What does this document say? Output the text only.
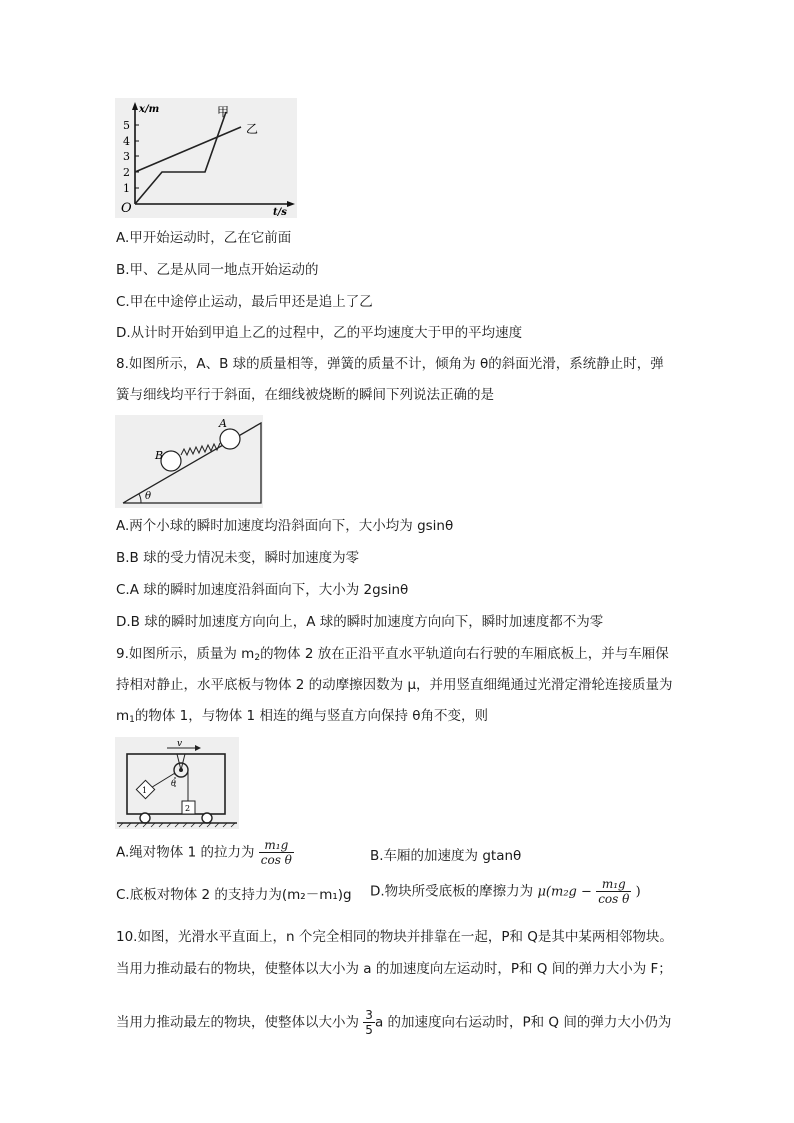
1
2
3
4
5
x/m
t/s
O
甲
乙
A.甲开始运动时，乙在它前面
B.甲、乙是从同一地点开始运动的
C.甲在中途停止运动，最后甲还是追上了乙
D.从计时开始到甲追上乙的过程中，乙的平均速度大于甲的平均速度
8.如图所示，A、B 球的质量相等，弹簧的质量不计，倾角为 θ的斜面光滑，系统静止时，弹
簧与细线均平行于斜面，在细线被烧断的瞬间下列说法正确的是
θ
B
A
A.两个小球的瞬时加速度均沿斜面向下，大小均为 gsinθ
B.B 球的受力情况未变，瞬时加速度为零
C.A 球的瞬时加速度沿斜面向下，大小为 2gsinθ
D.B 球的瞬时加速度方向向上，A 球的瞬时加速度方向向下，瞬时加速度都不为零
9.如图所示，质量为 $m_2$的物体 2 放在正沿平直水平轨道向右行驶的车厢底板上，并与车厢保
持相对静止，水平底板与物体 2 的动摩擦因数为 μ，并用竖直细绳通过光滑定滑轮连接质量为
$m_1$的物体 1，与物体 1 相连的绳与竖直方向保持 θ角不变，则
v
1
θ
2
A.绳对物体 1 的拉力为 $\frac{\text{m₁g}}{\text{cos θ}}$	B.车厢的加速度为 gtanθ
C.底板对物体 2 的支持力为(m₂－m₁)g D.物块所受底板的摩擦力为 $\mu(m_2g - \frac{\text{m₁g}}{\text{cos θ}}$ )
10.如图，光滑水平直面上，n 个完全相同的物块并排靠在一起，P和 Q是其中某两相邻物块。
当用力推动最右的物块，使整体以大小为 a 的加速度向左运动时，P和 Q 间的弹力大小为 F；
当用力推动最左的物块，使整体以大小为 $\frac{3}{5}$ a 的加速度向右运动时，P和 Q 间的弹力大小仍为
